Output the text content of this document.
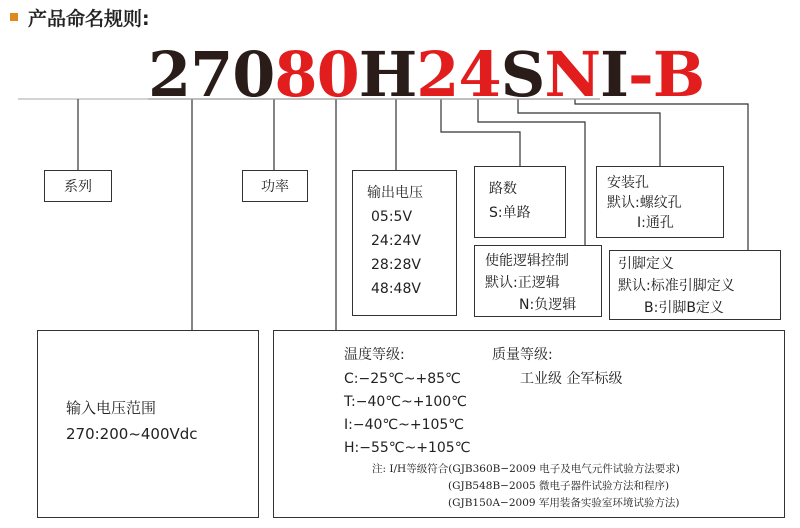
产品命名规则:
2 7 0 8 0 H 2 4 S N I - B
系列	功率	输出电压
05:5V
24:24V
28:28V
48:48V
路数
S:单路
安装孔
默认:螺纹孔
I:通孔
使能逻辑控制
默认:正逻辑
N:负逻辑
引脚定义
默认:标准引脚定义
B:引脚B定义
输入电压范围
270:200~400Vdc
温度等级:
C:−25℃~+85℃
T:−40℃~+100℃
I:−40℃~+105℃
H:−55℃~+105℃
质量等级:
工业级 企军标级
注: I/H等级符合(GJB360B−2009 电子及电气元件试验方法要求)
(GJB548B−2005 微电子器件试验方法和程序)
(GJB150A−2009 军用装备实验室环境试验方法)
